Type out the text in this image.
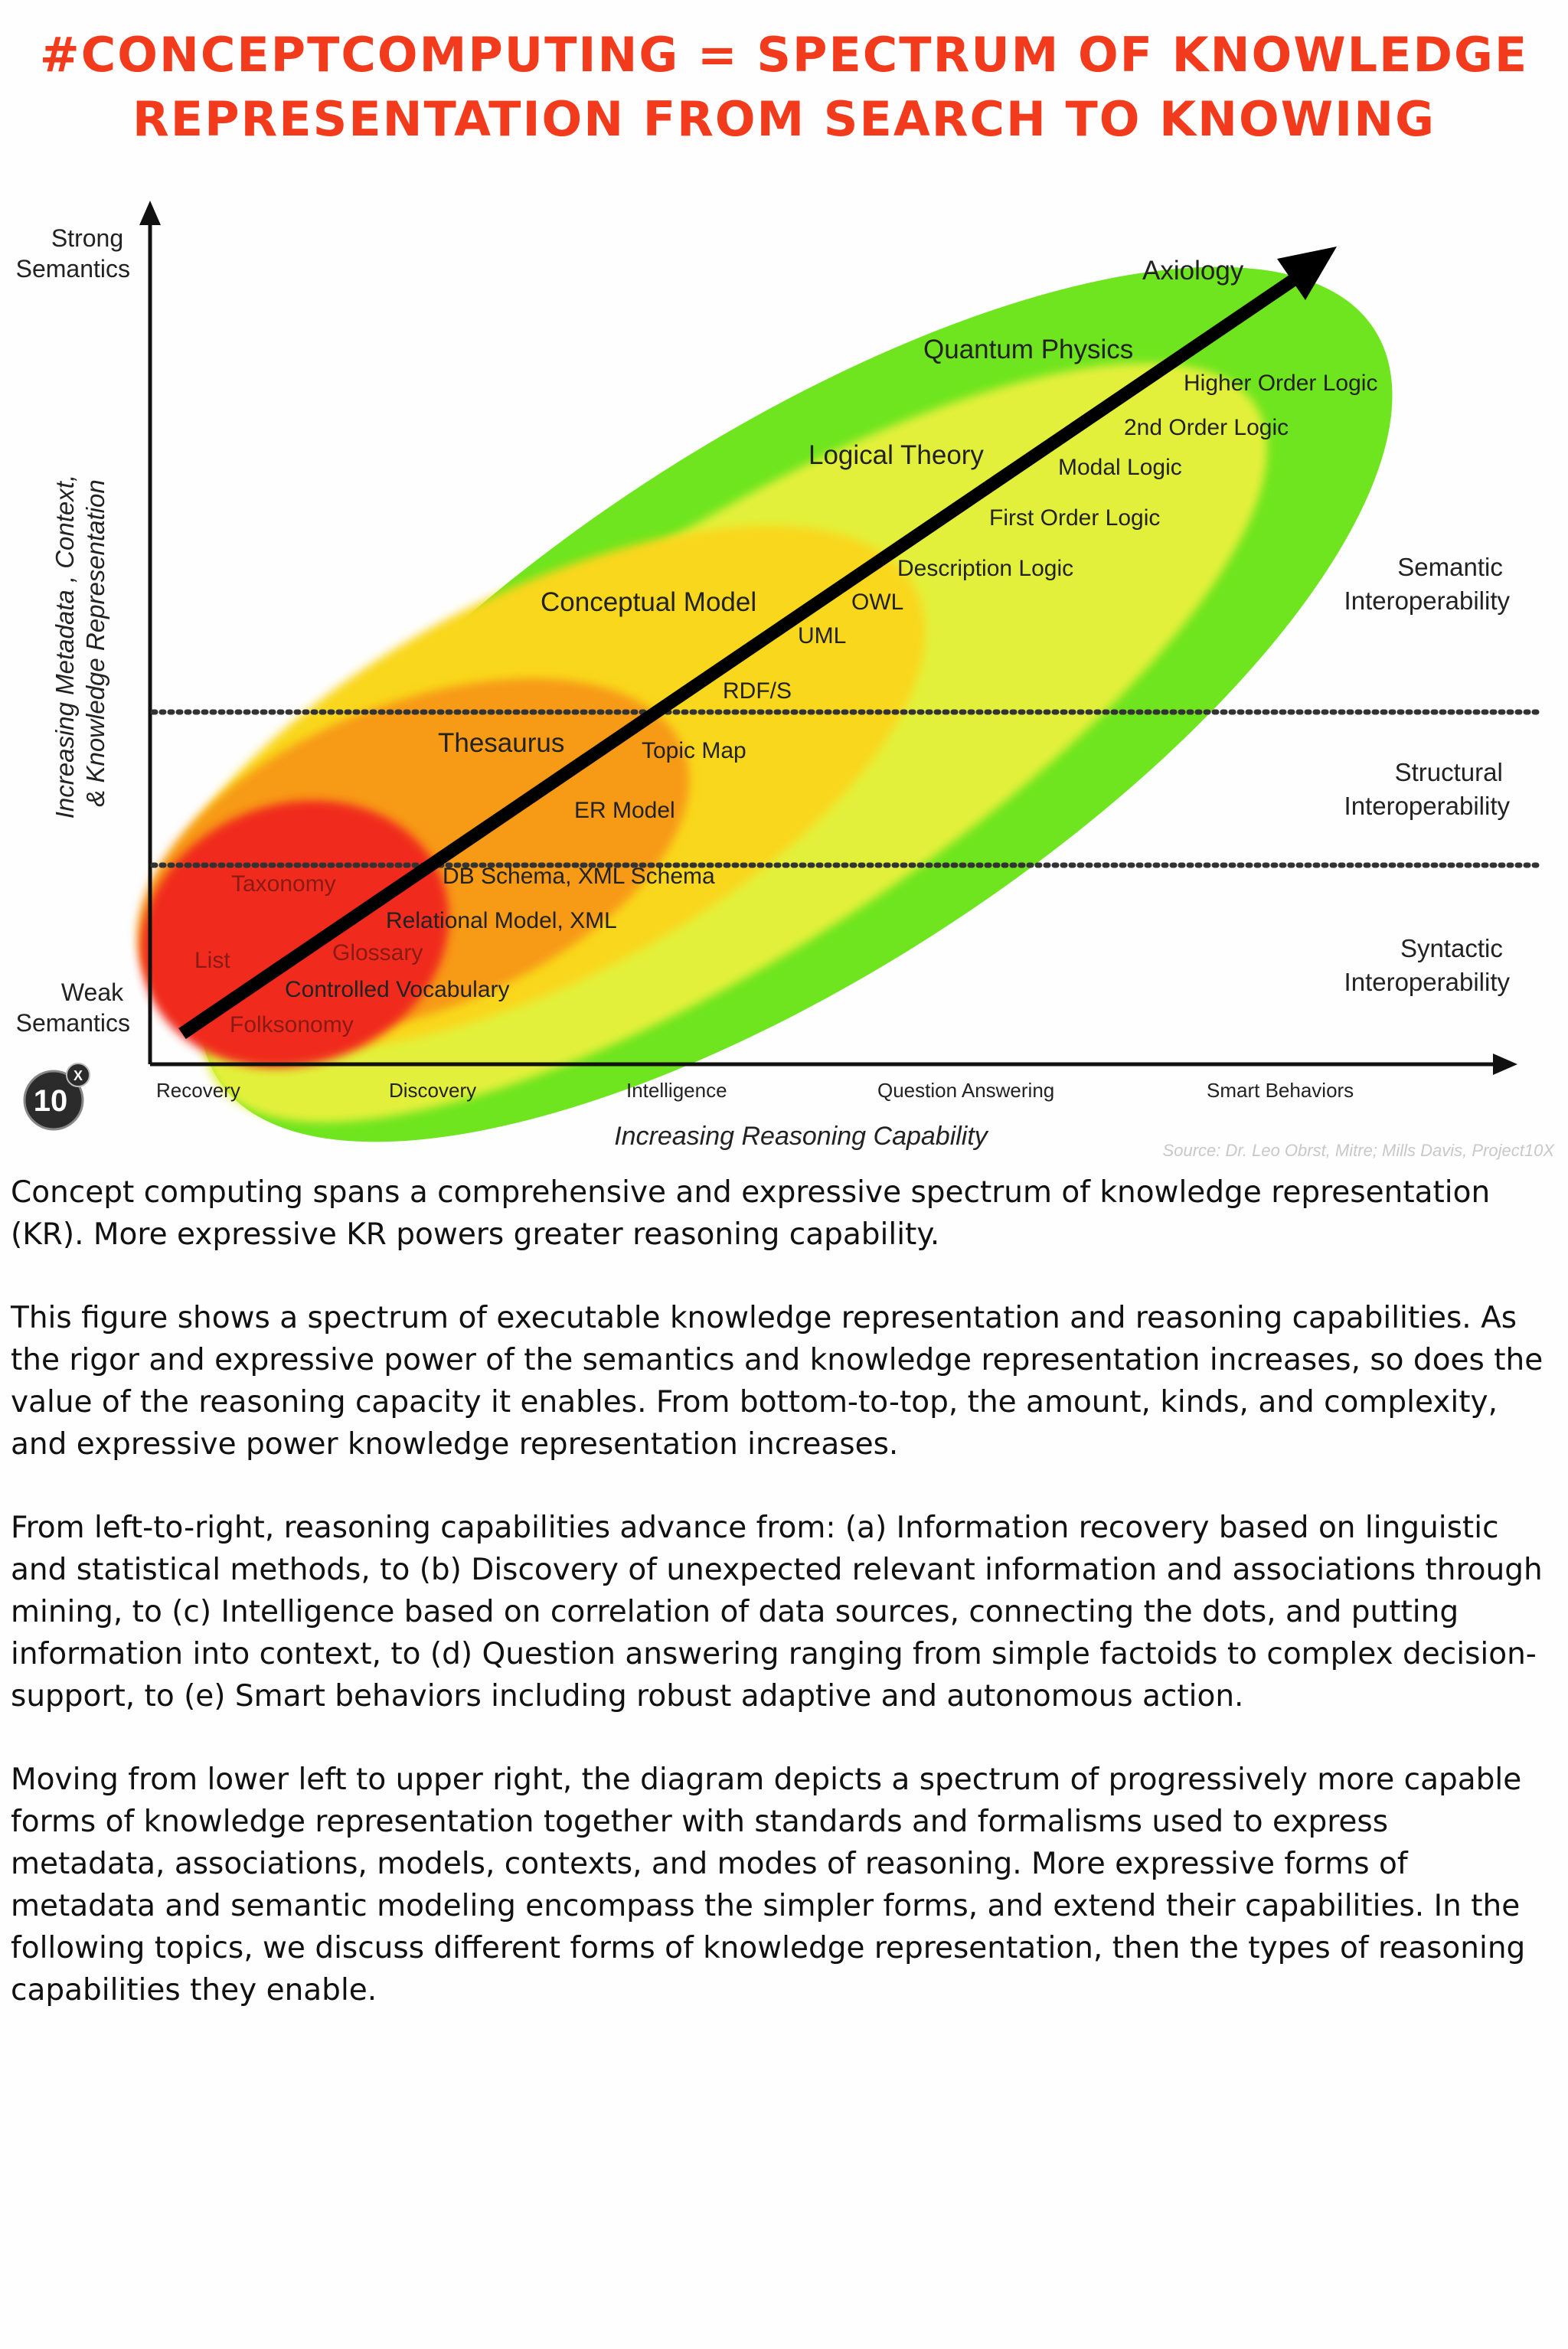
#CONCEPTCOMPUTING = SPECTRUM OF KNOWLEDGE
REPRESENTATION FROM SEARCH TO KNOWING
Strong Semantics
Weak Semantics
Increasing Metadata , Context, & Knowledge Representation
Recovery	Discovery	Intelligence	Question Answering	Smart Behaviors
Increasing Reasoning Capability	Source: Dr. Leo Obrst, Mitre; Mills Davis, Project10X
Semantic Interoperability
Structural Interoperability
Syntactic Interoperability
Axiology
Quantum Physics
Higher Order Logic
2nd Order Logic
Logical Theory	Modal Logic
First Order Logic
Description Logic
Conceptual Model	OWL
UML
RDF/S
Thesaurus	Topic Map
ER Model
Taxonomy	DB Schema, XML Schema
Relational Model, XML
List	Glossary
Controlled Vocabulary
Folksonomy
10
X

Concept computing spans a comprehensive and expressive spectrum of knowledge representation (KR). More expressive KR powers greater reasoning capability.

This figure shows a spectrum of executable knowledge representation and reasoning capabilities. As the rigor and expressive power of the semantics and knowledge representation increases, so does the value of the reasoning capacity it enables. From bottom-to-top, the amount, kinds, and complexity, and expressive power knowledge representation increases.

From left-to-right, reasoning capabilities advance from: (a) Information recovery based on linguistic and statistical methods, to (b) Discovery of unexpected relevant information and associations through mining, to (c) Intelligence based on correlation of data sources, connecting the dots, and putting information into context, to (d) Question answering ranging from simple factoids to complex decision-support, to (e) Smart behaviors including robust adaptive and autonomous action.

Moving from lower left to upper right, the diagram depicts a spectrum of progressively more capable forms of knowledge representation together with standards and formalisms used to express metadata, associations, models, contexts, and modes of reasoning. More expressive forms of metadata and semantic modeling encompass the simpler forms, and extend their capabilities. In the following topics, we discuss different forms of knowledge representation, then the types of reasoning capabilities they enable.
